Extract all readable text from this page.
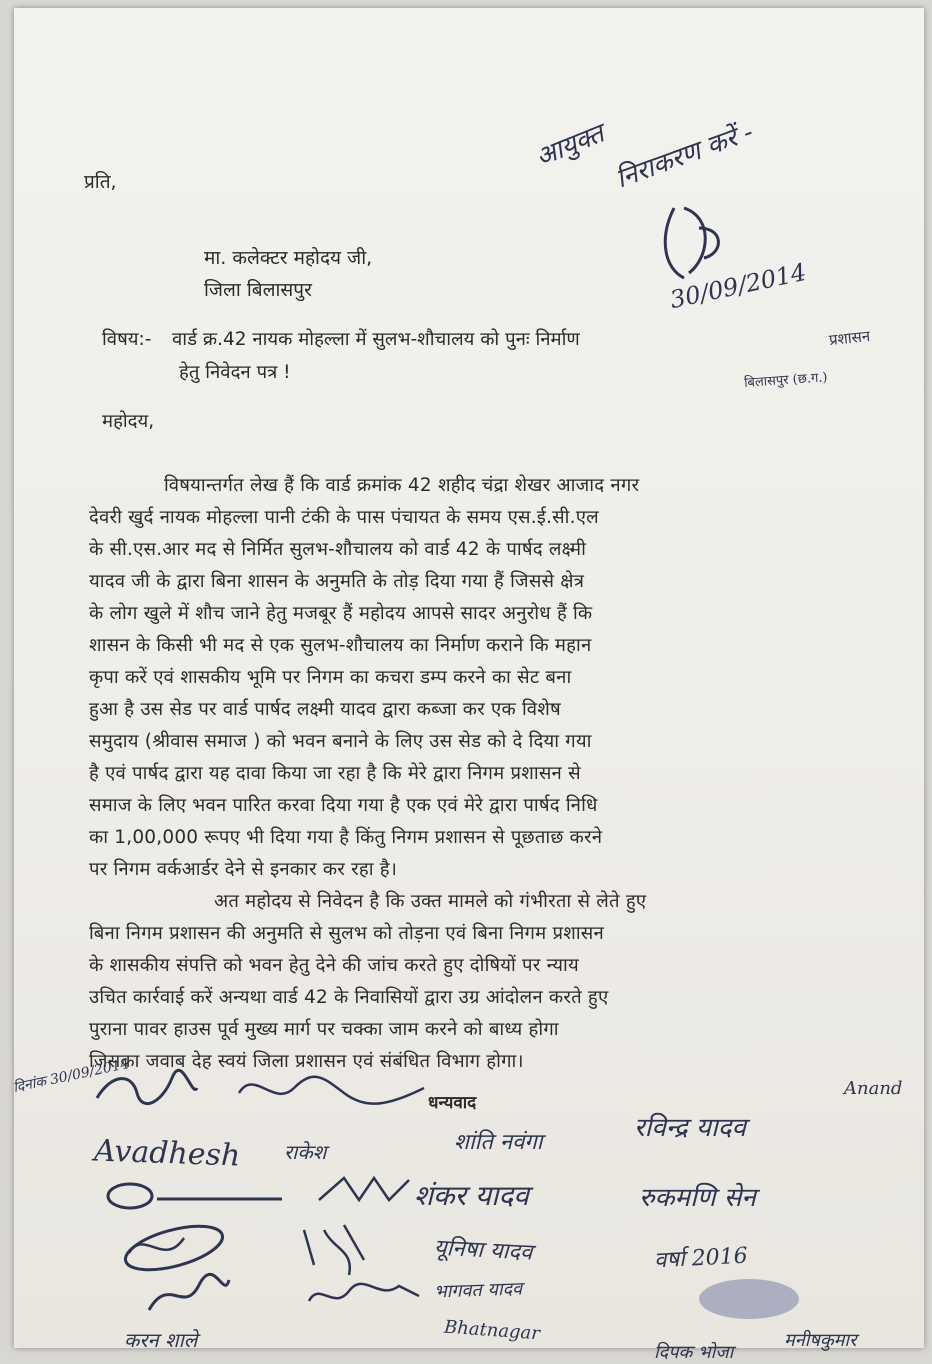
प्रति,
मा. कलेक्टर महोदय जी,
जिला बिलासपुर
विषय:- वार्ड क्र.42 नायक मोहल्ला में सुलभ-शौचालय को पुनः निर्माण
हेतु निवेदन पत्र !
महोदय,
आयुक्त निराकरण करें -
30/09/2014
प्रशासन
बिलासपुर (छ.ग.)
विषयान्तर्गत लेख हैं कि वार्ड क्रमांक 42 शहीद चंद्रा शेखर आजाद नगर
देवरी खुर्द नायक मोहल्ला पानी टंकी के पास पंचायत के समय एस.ई.सी.एल
के सी.एस.आर मद से निर्मित सुलभ-शौचालय को वार्ड 42 के पार्षद लक्ष्मी
यादव जी के द्वारा बिना शासन के अनुमति के तोड़ दिया गया हैं जिससे क्षेत्र
के लोग खुले में शौच जाने हेतु मजबूर हैं महोदय आपसे सादर अनुरोध हैं कि
शासन के किसी भी मद से एक सुलभ-शौचालय का निर्माण कराने कि महान
कृपा करें एवं शासकीय भूमि पर निगम का कचरा डम्प करने का सेट बना
हुआ है उस सेड पर वार्ड पार्षद लक्ष्मी यादव द्वारा कब्जा कर एक विशेष
समुदाय (श्रीवास समाज ) को भवन बनाने के लिए उस सेड को दे दिया गया
है एवं पार्षद द्वारा यह दावा किया जा रहा है कि मेरे द्वारा निगम प्रशासन से
समाज के लिए भवन पारित करवा दिया गया है एक एवं मेरे द्वारा पार्षद निधि
का 1,00,000 रूपए भी दिया गया है किंतु निगम प्रशासन से पूछताछ करने
पर निगम वर्कआर्डर देने से इनकार कर रहा है।
अत महोदय से निवेदन है कि उक्त मामले को गंभीरता से लेते हुए
बिना निगम प्रशासन की अनुमति से सुलभ को तोड़ना एवं बिना निगम प्रशासन
के शासकीय संपत्ति को भवन हेतु देने की जांच करते हुए दोषियों पर न्याय
उचित कार्रवाई करें अन्यथा वार्ड 42 के निवासियों द्वारा उग्र आंदोलन करते हुए
पुराना पावर हाउस पूर्व मुख्य मार्ग पर चक्का जाम करने को बाध्य होगा
जिसका जवाब देह स्वयं जिला प्रशासन एवं संबंधित विभाग होगा।
धन्यवाद
दिनांक 30/09/2014
Avadhesh राकेश	शांति नवंगा	रविन्द्र यादव
Anand
शंकर यादव	रुकमणि सेन
यूनिषा यादव	वर्षा 2016
भागवत यादव
करन शाले	Bhatnagar
दिपक भोजा
मनीषकुमार
